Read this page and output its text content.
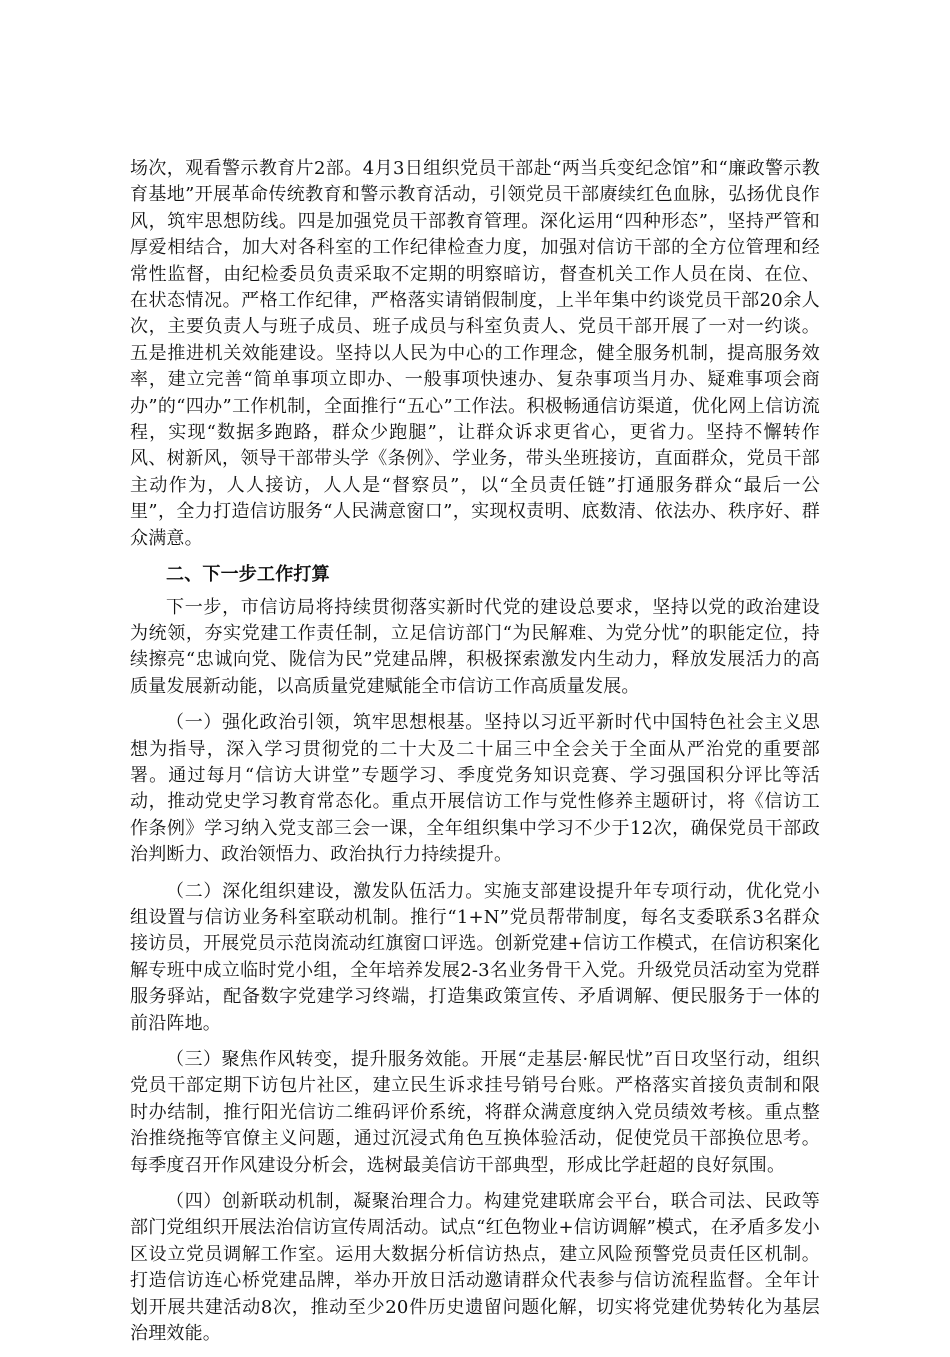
场次，观看警示教育片2部。4月3日组织党员干部赴“两当兵变纪念馆”和“廉政警示教育基地”开展革命传统教育和警示教育活动，引领党员干部赓续红色血脉，弘扬优良作风，筑牢思想防线。四是加强党员干部教育管理。深化运用“四种形态”，坚持严管和厚爱相结合，加大对各科室的工作纪律检查力度，加强对信访干部的全方位管理和经常性监督，由纪检委员负责采取不定期的明察暗访，督查机关工作人员在岗、在位、在状态情况。严格工作纪律，严格落实请销假制度，上半年集中约谈党员干部20余人次，主要负责人与班子成员、班子成员与科室负责人、党员干部开展了一对一约谈。五是推进机关效能建设。坚持以人民为中心的工作理念，健全服务机制，提高服务效率，建立完善“简单事项立即办、一般事项快速办、复杂事项当月办、疑难事项会商办”的“四办”工作机制，全面推行“五心”工作法。积极畅通信访渠道，优化网上信访流程，实现“数据多跑路，群众少跑腿”，让群众诉求更省心，更省力。坚持不懈转作风、树新风，领导干部带头学《条例》、学业务，带头坐班接访，直面群众，党员干部主动作为，人人接访，人人是“督察员”，以“全员责任链”打通服务群众“最后一公里”，全力打造信访服务“人民满意窗口”，实现权责明、底数清、依法办、秩序好、群众满意。

二、下一步工作打算

下一步，市信访局将持续贯彻落实新时代党的建设总要求，坚持以党的政治建设为统领，夯实党建工作责任制，立足信访部门“为民解难、为党分忧”的职能定位，持续擦亮“忠诚向党、陇信为民”党建品牌，积极探索激发内生动力，释放发展活力的高质量发展新动能，以高质量党建赋能全市信访工作高质量发展。

（一）强化政治引领，筑牢思想根基。坚持以习近平新时代中国特色社会主义思想为指导，深入学习贯彻党的二十大及二十届三中全会关于全面从严治党的重要部署。通过每月“信访大讲堂”专题学习、季度党务知识竞赛、学习强国积分评比等活动，推动党史学习教育常态化。重点开展信访工作与党性修养主题研讨，将《信访工作条例》学习纳入党支部三会一课，全年组织集中学习不少于12次，确保党员干部政治判断力、政治领悟力、政治执行力持续提升。

（二）深化组织建设，激发队伍活力。实施支部建设提升年专项行动，优化党小组设置与信访业务科室联动机制。推行“1+N”党员帮带制度，每名支委联系3名群众接访员，开展党员示范岗流动红旗窗口评选。创新党建+信访工作模式，在信访积案化解专班中成立临时党小组，全年培养发展2-3名业务骨干入党。升级党员活动室为党群服务驿站，配备数字党建学习终端，打造集政策宣传、矛盾调解、便民服务于一体的前沿阵地。

（三）聚焦作风转变，提升服务效能。开展“走基层·解民忧”百日攻坚行动，组织党员干部定期下访包片社区，建立民生诉求挂号销号台账。严格落实首接负责制和限时办结制，推行阳光信访二维码评价系统，将群众满意度纳入党员绩效考核。重点整治推绕拖等官僚主义问题，通过沉浸式角色互换体验活动，促使党员干部换位思考。每季度召开作风建设分析会，选树最美信访干部典型，形成比学赶超的良好氛围。

（四）创新联动机制，凝聚治理合力。构建党建联席会平台，联合司法、民政等部门党组织开展法治信访宣传周活动。试点“红色物业+信访调解”模式，在矛盾多发小区设立党员调解工作室。运用大数据分析信访热点，建立风险预警党员责任区机制。打造信访连心桥党建品牌，举办开放日活动邀请群众代表参与信访流程监督。全年计划开展共建活动8次，推动至少20件历史遗留问题化解，切实将党建优势转化为基层治理效能。
